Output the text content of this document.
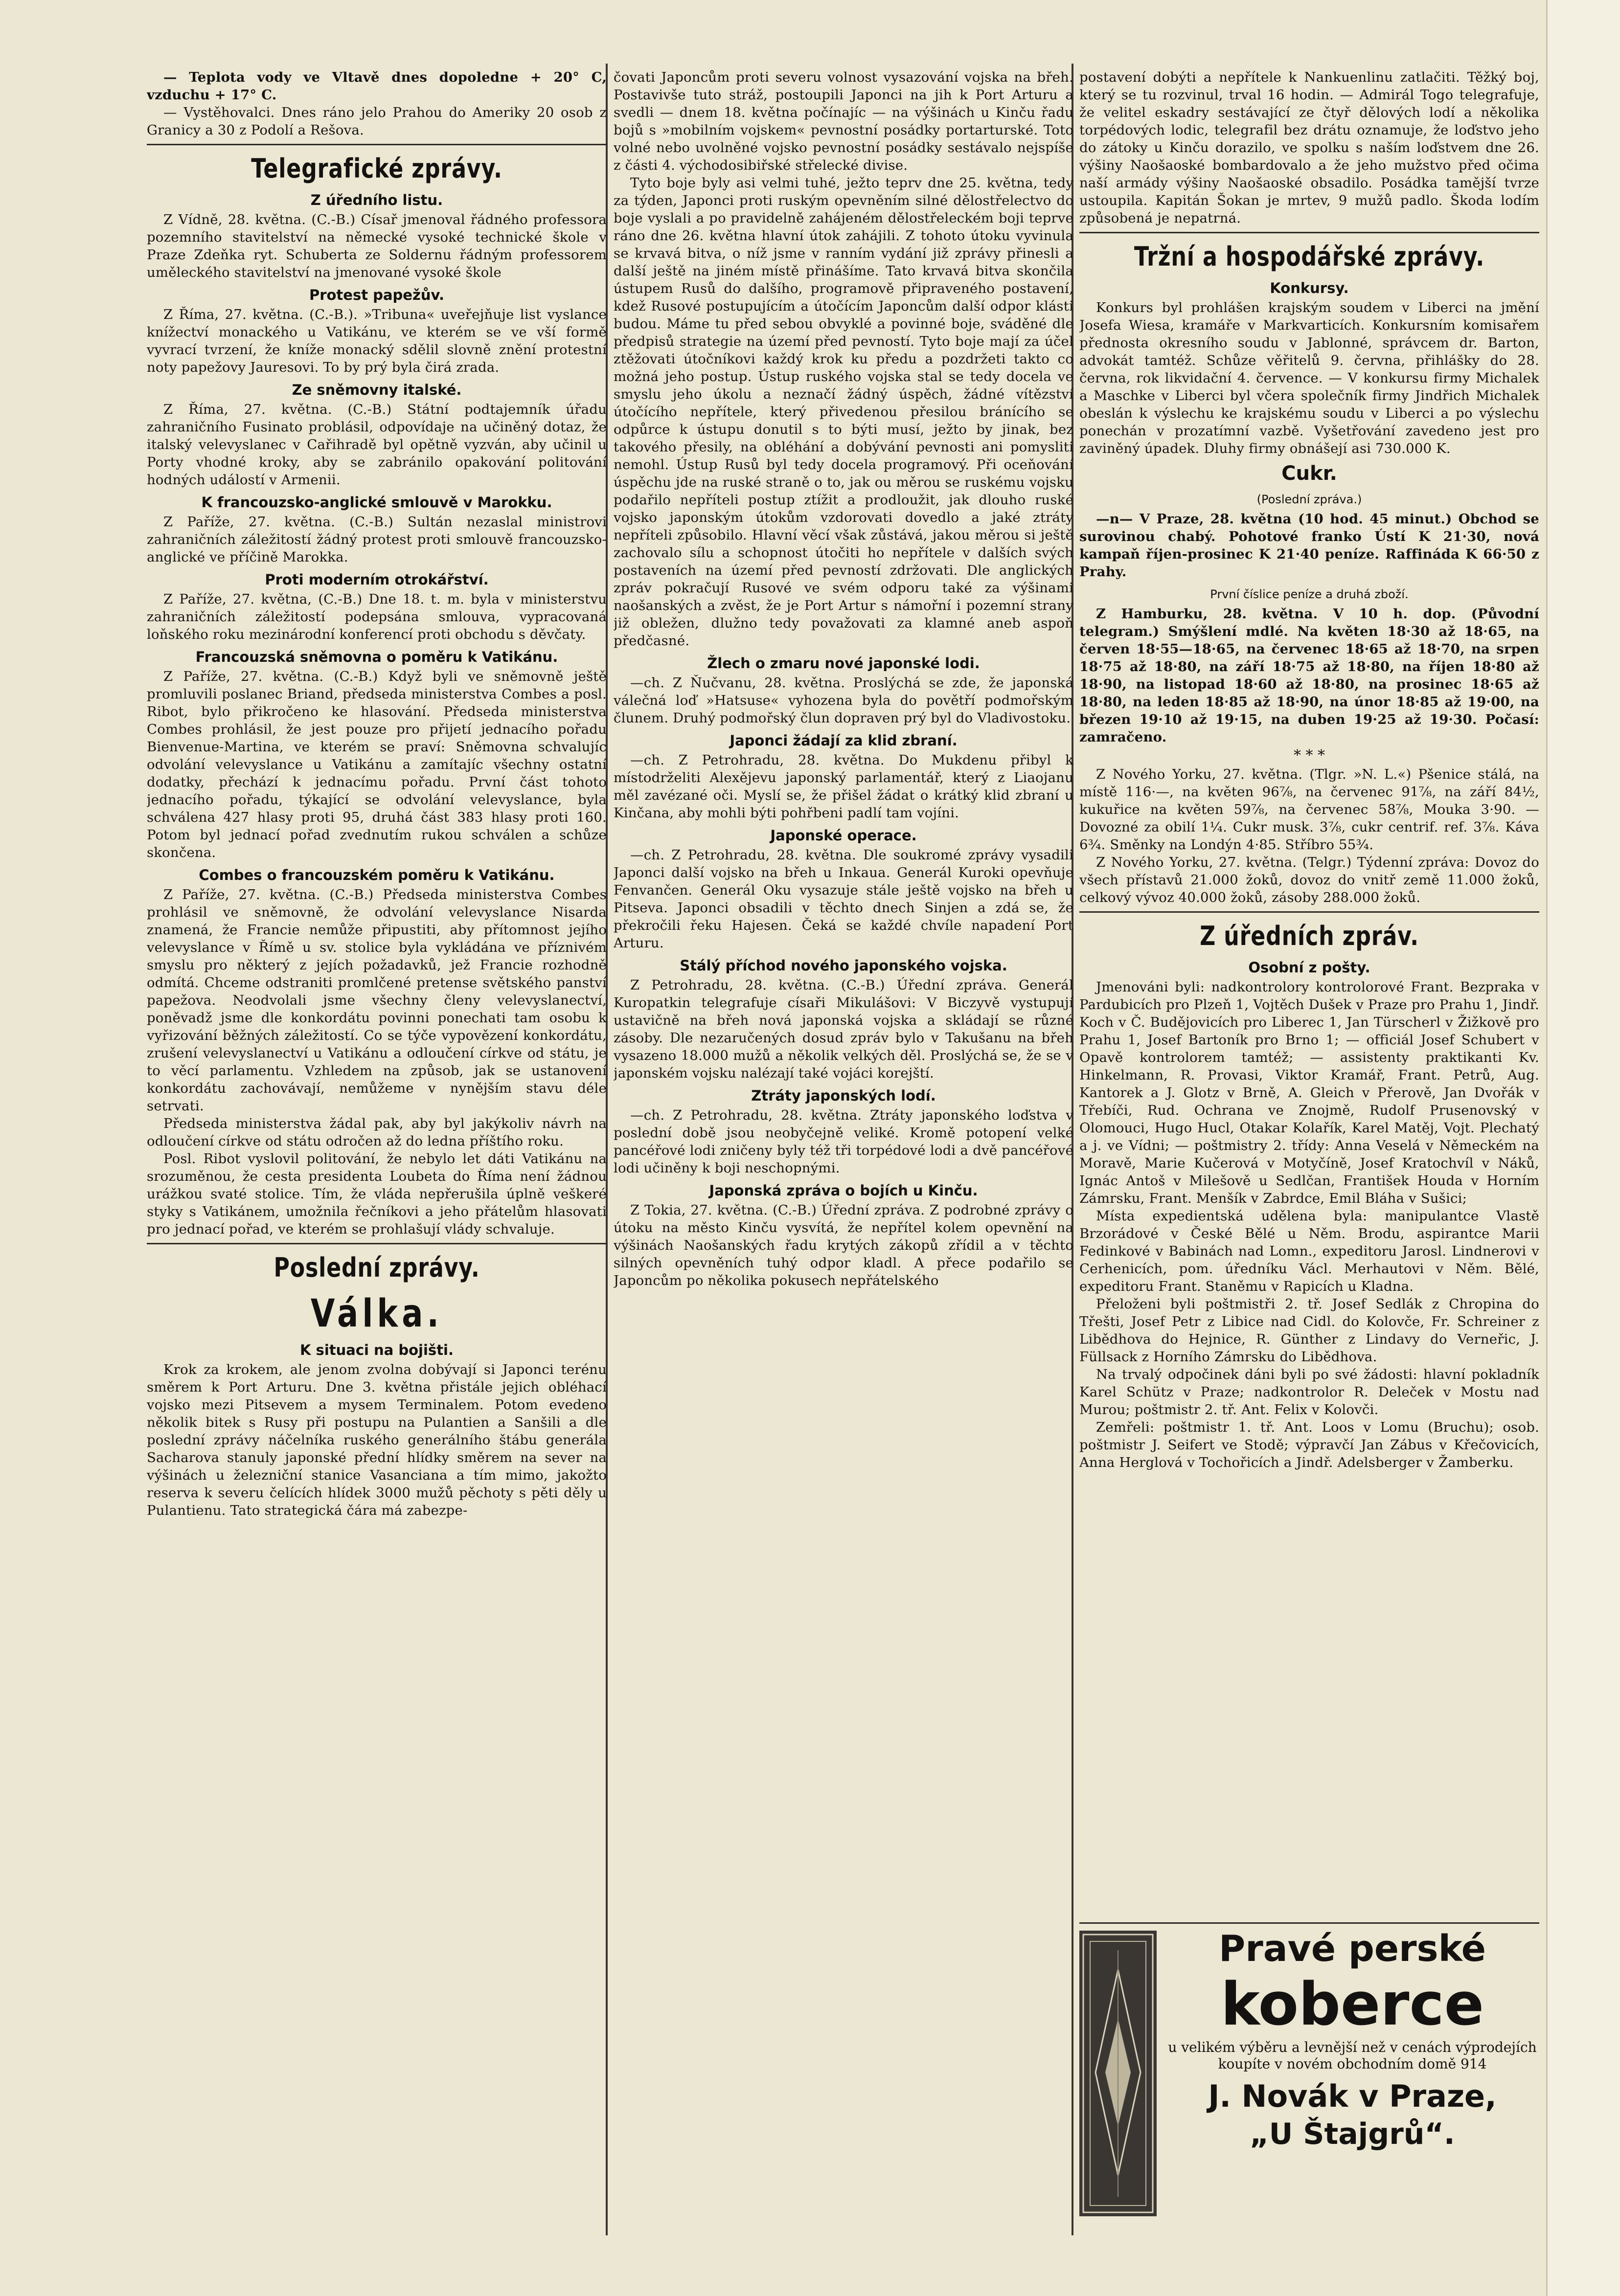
— Teplota vody ve Vltavě dnes dopoledne + 20° C, vzduchu + 17° C.

— Vystěhovalci. Dnes ráno jelo Prahou do Ameriky 20 osob z Granicy a 30 z Podolí a Rešova.

Telegrafické zprávy.
Z úředního listu.

Z Vídně, 28. května. (C.-B.) Císař jmenoval řádného professora pozemního stavitelství na německé vysoké technické škole v Praze Zdeňka ryt. Schuberta ze Soldernu řádným professorem uměleckého stavitelství na jmenované vysoké škole

Protest papežův.

Z Říma, 27. května. (C.-B.). »Tribuna« uveřejňuje list vyslance knížectví monackého u Vatikánu, ve kterém se ve vší formě vyvrací tvrzení, že kníže monacký sdělil slovně znění protestní noty papežovy Jauresovi. To by prý byla čirá zrada.

Ze sněmovny italské.

Z Říma, 27. května. (C.-B.) Státní podtajemník úřadu zahraničního Fusinato problásil, odpovídaje na učiněný dotaz, že italský velevyslanec v Cařihradě byl opětně vyzván, aby učinil u Porty vhodné kroky, aby se zabránilo opakování politování hodných událostí v Armenii.

K francouzsko-anglické smlouvě v Marokku.

Z Paříže, 27. května. (C.-B.) Sultán nezaslal ministrovi zahraničních záležitostí žádný protest proti smlouvě francouzsko-anglické ve příčině Marokka.

Proti moderním otrokářství.

Z Paříže, 27. května, (C.-B.) Dne 18. t. m. byla v ministerstvu zahraničních záležitostí podepsána smlouva, vypracovaná loňského roku mezinárodní konferencí proti obchodu s děvčaty.

Francouzská sněmovna o poměru k Vatikánu.

Z Paříže, 27. května. (C.-B.) Když byli ve sněmovně ještě promluvili poslanec Briand, předseda ministerstva Combes a posl. Ribot, bylo přikročeno ke hlasování. Předseda ministerstva Combes prohlásil, že jest pouze pro přijetí jednacího pořadu Bienvenue-Martina, ve kterém se praví: Sněmovna schvalujíc odvolání velevyslance u Vatikánu a zamítajíc všechny ostatní dodatky, přechází k jednacímu pořadu. První část tohoto jednacího pořadu, týkající se odvolání velevyslance, byla schválena 427 hlasy proti 95, druhá část 383 hlasy proti 160. Potom byl jednací pořad zvednutím rukou schválen a schůze skončena.

Combes o francouzském poměru k Vatikánu.

Z Paříže, 27. května. (C.-B.) Předseda ministerstva Combes prohlásil ve sněmovně, že odvolání velevyslance Nisarda znamená, že Francie nemůže připustiti, aby přítomnost jejího velevyslance v Římě u sv. stolice byla vykládána ve příznivém smyslu pro některý z jejích požadavků, jež Francie rozhodně odmítá. Chceme odstraniti promlčené pretense světského panství papežova. Neodvolali jsme všechny členy velevyslanectví, poněvadž jsme dle konkordátu povinni ponechati tam osobu k vyřizování běžných záležitostí. Co se týče vypovězení konkordátu, zrušení velevyslanectví u Vatikánu a odloučení církve od státu, je to věcí parlamentu. Vzhledem na způsob, jak se ustanovení konkordátu zachovávají, nemůžeme v nynějším stavu déle setrvati.

Předseda ministerstva žádal pak, aby byl jakýkoliv návrh na odloučení církve od státu odročen až do ledna příštího roku.

Posl. Ribot vyslovil politování, že nebylo let dáti Vatikánu na srozuměnou, že cesta presidenta Loubeta do Říma není žádnou urážkou svaté stolice. Tím, že vláda nepřerušila úplně veškeré styky s Vatikánem, umožnila řečníkovi a jeho přátelům hlasovati pro jednací pořad, ve kterém se prohlašují vlády schvaluje.

Poslední zprávy.
Válka.
K situaci na bojišti.

Krok za krokem, ale jenom zvolna dobývají si Japonci terénu směrem k Port Arturu. Dne 3. května přistále jejich obléhací vojsko mezi Pitsevem a mysem Terminalem. Potom evedeno několik bitek s Rusy při postupu na Pulantien a Sanšili a dle poslední zprávy náčelníka ruského generálního štábu generála Sacharova stanuly japonské přední hlídky směrem na sever na výšinách u železniční stanice Vasanciana a tím mimo, jakožto reserva k severu čelících hlídek 3000 mužů pěchoty s pěti děly u Pulantienu. Tato strategická čára má zabezpe-

čovati Japoncům proti severu volnost vysazování vojska na břeh. Postavivše tuto stráž, postoupili Japonci na jih k Port Arturu a svedli — dnem 18. května počínajíc — na výšinách u Kinču řadu bojů s »mobilním vojskem« pevnostní posádky portarturské. Toto volné nebo uvolněné vojsko pevnostní posádky sestávalo nejspíše z části 4. východosibiřské střelecké divise.

Tyto boje byly asi velmi tuhé, ježto teprv dne 25. května, tedy za týden, Japonci proti ruským opevněním silné dělostřelectvo do boje vyslali a po pravidelně zahájeném dělostřeleckém boji teprve ráno dne 26. května hlavní útok zahájili. Z tohoto útoku vyvinula se krvavá bitva, o níž jsme v ranním vydání již zprávy přinesli a další ještě na jiném místě přinášíme. Tato krvavá bitva skončila ústupem Rusů do dalšího, programově připraveného postavení, kdež Rusové postupujícím a útočícím Japoncům další odpor klásti budou. Máme tu před sebou obvyklé a povinné boje, sváděné dle předpisů strategie na území před pevností. Tyto boje mají za účel ztěžovati útočníkovi každý krok ku předu a pozdržeti takto co možná jeho postup. Ústup ruského vojska stal se tedy docela ve smyslu jeho úkolu a neznačí žádný úspěch, žádné vítězství útočícího nepřítele, který přivedenou přesilou bránícího se odpůrce k ústupu donutil s to býti musí, ježto by jinak, bez takového přesily, na obléhání a dobývání pevnosti ani pomysliti nemohl. Ústup Rusů byl tedy docela programový. Při oceňování úspěchu jde na ruské straně o to, jak ou měrou se ruskému vojsku podařilo nepříteli postup ztížit a prodloužit, jak dlouho ruské vojsko japonským útokům vzdorovati dovedlo a jaké ztráty nepříteli způsobilo. Hlavní věcí však zůstává, jakou měrou si ještě zachovalo sílu a schopnost útočiti ho nepřítele v dalších svých postaveních na území před pevností zdržovati. Dle anglických zpráv pokračují Rusové ve svém odporu také za výšinami naošanských a zvěst, že je Port Artur s námořní i pozemní strany již obležen, dlužno tedy považovati za klamné aneb aspoň předčasné.

Žlech o zmaru nové japonské lodi.

—ch. Z Ňučvanu, 28. května. Proslýchá se zde, že japonská válečná loď »Hatsuse« vyhozena byla do povětří podmořským člunem. Druhý podmořský člun dopraven prý byl do Vladivostoku.

Japonci žádají za klid zbraní.

—ch. Z Petrohradu, 28. května. Do Mukdenu přibyl k místodrželiti Alexějevu japonský parlamentář, který z Liaojanu měl zavézané oči. Myslí se, že přišel žádat o krátký klid zbraní u Kinčana, aby mohli býti pohřbeni padlí tam vojíni.

Japonské operace.

—ch. Z Petrohradu, 28. května. Dle soukromé zprávy vysadili Japonci další vojsko na břeh u Inkaua. Generál Kuroki opevňuje Fenvančen. Generál Oku vysazuje stále ještě vojsko na břeh u Pitseva. Japonci obsadili v těchto dnech Sinjen a zdá se, že překročili řeku Hajesen. Čeká se každé chvíle napadení Port Arturu.

Stálý příchod nového japonského vojska.

Z Petrohradu, 28. května. (C.-B.) Úřední zpráva. Generál Kuropatkin telegrafuje císaři Mikulášovi: V Biczyvě vystupují ustavičně na břeh nová japonská vojska a skládají se různé zásoby. Dle nezaručených dosud zpráv bylo v Takušanu na břeh vysazeno 18.000 mužů a několik velkých děl. Proslýchá se, že se v japonském vojsku nalézají také vojáci korejští.

Ztráty japonských lodí.

—ch. Z Petrohradu, 28. května. Ztráty japonského loďstva v poslední době jsou neobyčejně veliké. Kromě potopení velké pancéřové lodi zničeny byly též tři torpédové lodi a dvě pancéřové lodi učiněny k boji neschopnými.

Japonská zpráva o bojích u Kinču.

Z Tokia, 27. května. (C.-B.) Úřední zpráva. Z podrobné zprávy o útoku na město Kinču vysvítá, že nepřítel kolem opevnění na výšinách Naošanských řadu krytých zákopů zřídil a v těchto silných opevněních tuhý odpor kladl. A přece podařilo se Japoncům po několika pokusech nepřátelského

postavení dobýti a nepřítele k Nankuenlinu zatlačiti. Těžký boj, který se tu rozvinul, trval 16 hodin. — Admirál Togo telegrafuje, že velitel eskadry sestávající ze čtyř dělových lodí a několika torpédových lodic, telegrafil bez drátu oznamuje, že loďstvo jeho do zátoky u Kinču dorazilo, ve spolku s naším loďstvem dne 26. výšiny Naošaoské bombardovalo a že jeho mužstvo před očima naší armády výšiny Naošaoské obsadilo. Posádka tamější tvrze ustoupila. Kapitán Šokan je mrtev, 9 mužů padlo. Škoda lodím způsobená je nepatrná.

Tržní a hospodářské zprávy.
Konkursy.

Konkurs byl prohlášen krajským soudem v Liberci na jmění Josefa Wiesa, kramáře v Markvarticích. Konkursním komisařem přednosta okresního soudu v Jablonné, správcem dr. Barton, advokát tamtéž. Schůze věřitelů 9. června, přihlášky do 28. června, rok likvidační 4. července. — V konkursu firmy Michalek a Maschke v Liberci byl včera společník firmy Jindřich Michalek obeslán k výslechu ke krajskému soudu v Liberci a po výslechu ponechán v prozatímní vazbě. Vyšetřování zavedeno jest pro zaviněný úpadek. Dluhy firmy obnášejí asi 730.000 K.

Cukr.
(Poslední zpráva.)

—n— V Praze, 28. května (10 hod. 45 minut.) Obchod se surovinou chabý. Pohotové franko Ústí K 21·30, nová kampaň říjen-prosinec K 21·40 peníze. Raffináda K 66·50 z Prahy.

První číslice peníze a druhá zboží.

Z Hamburku, 28. května. V 10 h. dop. (Původní telegram.) Smýšlení mdlé. Na květen 18·30 až 18·65, na červen 18·55—18·65, na červenec 18·65 až 18·70, na srpen 18·75 až 18·80, na září 18·75 až 18·80, na říjen 18·80 až 18·90, na listopad 18·60 až 18·80, na prosinec 18·65 až 18·80, na leden 18·85 až 18·90, na únor 18·85 až 19·00, na březen 19·10 až 19·15, na duben 19·25 až 19·30. Počasí: zamračeno.

* * *

Z Nového Yorku, 27. května. (Tlgr. »N. L.«) Pšenice stálá, na místě 116·—, na květen 96⅞, na červenec 91⅞, na září 84½, kukuřice na květen 59⅞, na červenec 58⅞, Mouka 3·90. — Dovozné za obilí 1¼. Cukr musk. 3⅞, cukr centrif. ref. 3⅞. Káva 6¾. Směnky na Londýn 4·85. Stříbro 55¾.

Z Nového Yorku, 27. května. (Telgr.) Týdenní zpráva: Dovoz do všech přístavů 21.000 žoků, dovoz do vnitř země 11.000 žoků, celkový vývoz 40.000 žoků, zásoby 288.000 žoků.

Z úředních zpráv.
Osobní z pošty.

Jmenováni byli: nadkontrolory kontrolorové Frant. Bezpraka v Pardubicích pro Plzeň 1, Vojtěch Dušek v Praze pro Prahu 1, Jindř. Koch v Č. Budějovicích pro Liberec 1, Jan Türscherl v Žižkově pro Prahu 1, Josef Bartoník pro Brno 1; — officiál Josef Schubert v Opavě kontrolorem tamtéž; — assistenty praktikanti Kv. Hinkelmann, R. Provasi, Viktor Kramář, Frant. Petrů, Aug. Kantorek a J. Glotz v Brně, A. Gleich v Přerově, Jan Dvořák v Třebíči, Rud. Ochrana ve Znojmě, Rudolf Prusenovský v Olomouci, Hugo Hucl, Otakar Kolařík, Karel Matěj, Vojt. Plechatý a j. ve Vídni; — poštmistry 2. třídy: Anna Veselá v Německém na Moravě, Marie Kučerová v Motyčíně, Josef Kratochvíl v Náků, Ignác Antoš v Milešově u Sedlčan, František Houda v Horním Zámrsku, Frant. Menšík v Zabrdce, Emil Bláha v Sušici;

Místa expedientská udělena byla: manipulantce Vlastě Brzorádové v České Bělé u Něm. Brodu, aspirantce Marii Fedinkové v Babinách nad Lomn., expeditoru Jarosl. Lindnerovi v Cerhenicích, pom. úředníku Václ. Merhautovi v Něm. Bělé, expeditoru Frant. Staněmu v Rapicích u Kladna.

Přeloženi byli poštmistři 2. tř. Josef Sedlák z Chropina do Třešti, Josef Petr z Libice nad Cidl. do Kolovče, Fr. Schreiner z Libědhova do Hejnice, R. Günther z Lindavy do Verneřic, J. Füllsack z Horního Zámrsku do Libědhova.

Na trvalý odpočinek dáni byli po své žádosti: hlavní pokladník Karel Schütz v Praze; nadkontrolor R. Deleček v Mostu nad Murou; poštmistr 2. tř. Ant. Felix v Kolovči.

Zemřeli: poštmistr 1. tř. Ant. Loos v Lomu (Bruchu); osob. poštmistr J. Seifert ve Stodě; výpravčí Jan Zábus v Křečovicích, Anna Herglová v Tochořicích a Jindř. Adelsberger v Žamberku.

Pravé perské
koberce
u velikém výběru a levnější než v cenách výprodejích koupíte v novém obchodním domě 914
J. Novák v Praze,
„U Štajgrů“.
